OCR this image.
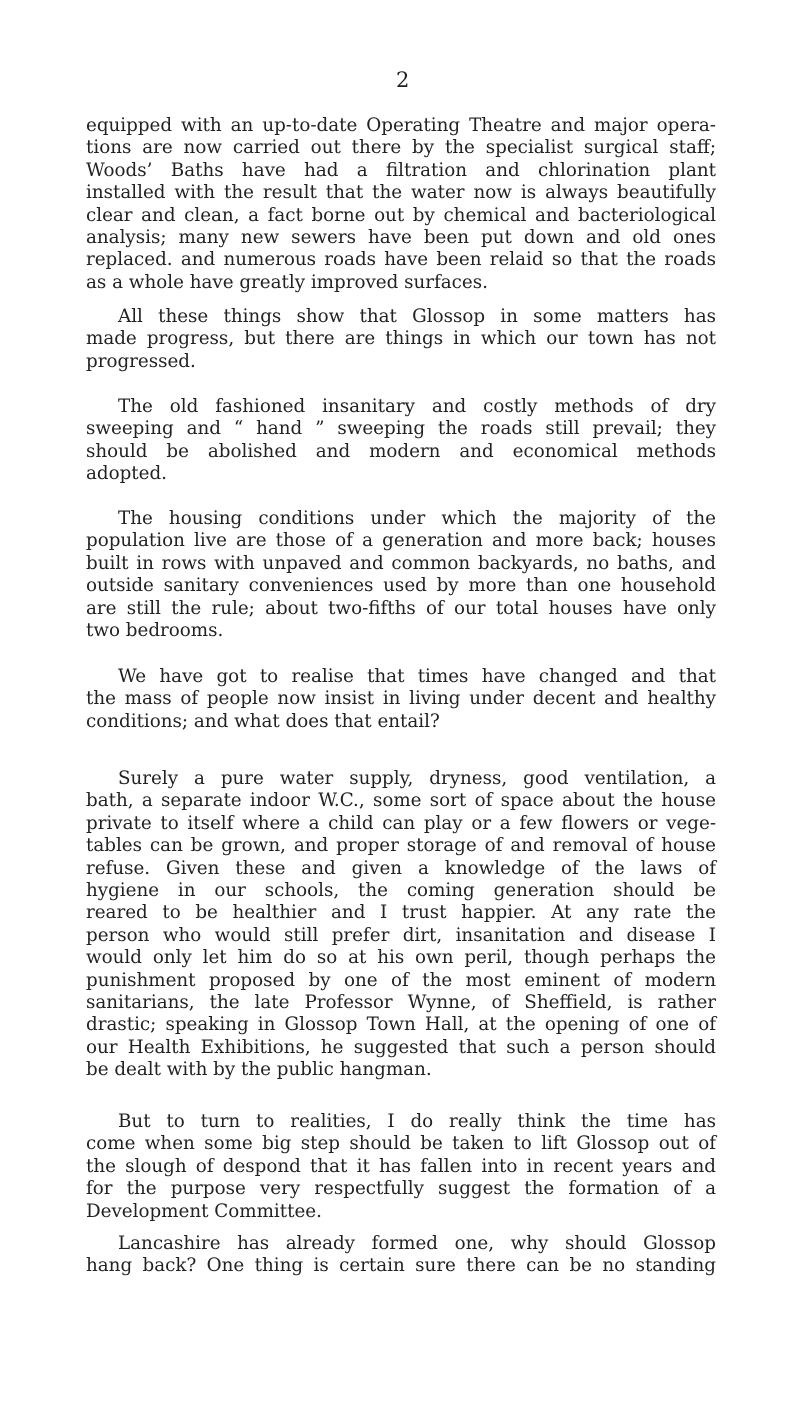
2
equipped with an up-to-date Operating Theatre and major opera-
tions are now carried out there by the specialist surgical staff;
Woods’ Baths have had a filtration and chlorination plant
installed with the result that the water now is always beautifully
clear and clean, a fact borne out by chemical and bacteriological
analysis; many new sewers have been put down and old ones
replaced. and numerous roads have been relaid so that the roads
as a whole have greatly improved surfaces.
All these things show that Glossop in some matters has
made progress, but there are things in which our town has not
progressed.
The old fashioned insanitary and costly methods of dry
sweeping and “ hand ” sweeping the roads still prevail; they
should be abolished and modern and economical methods
adopted.
The housing conditions under which the majority of the
population live are those of a generation and more back; houses
built in rows with unpaved and common backyards, no baths, and
outside sanitary conveniences used by more than one household
are still the rule; about two-fifths of our total houses have only
two bedrooms.
We have got to realise that times have changed and that
the mass of people now insist in living under decent and healthy
conditions; and what does that entail?
Surely a pure water supply, dryness, good ventilation, a
bath, a separate indoor W.C., some sort of space about the house
private to itself where a child can play or a few flowers or vege-
tables can be grown, and proper storage of and removal of house
refuse. Given these and given a knowledge of the laws of
hygiene in our schools, the coming generation should be
reared to be healthier and I trust happier. At any rate the
person who would still prefer dirt, insanitation and disease I
would only let him do so at his own peril, though perhaps the
punishment proposed by one of the most eminent of modern
sanitarians, the late Professor Wynne, of Sheffield, is rather
drastic; speaking in Glossop Town Hall, at the opening of one of
our Health Exhibitions, he suggested that such a person should
be dealt with by the public hangman.
But to turn to realities, I do really think the time has
come when some big step should be taken to lift Glossop out of
the slough of despond that it has fallen into in recent years and
for the purpose very respectfully suggest the formation of a
Development Committee.
Lancashire has already formed one, why should Glossop
hang back? One thing is certain sure there can be no standing
